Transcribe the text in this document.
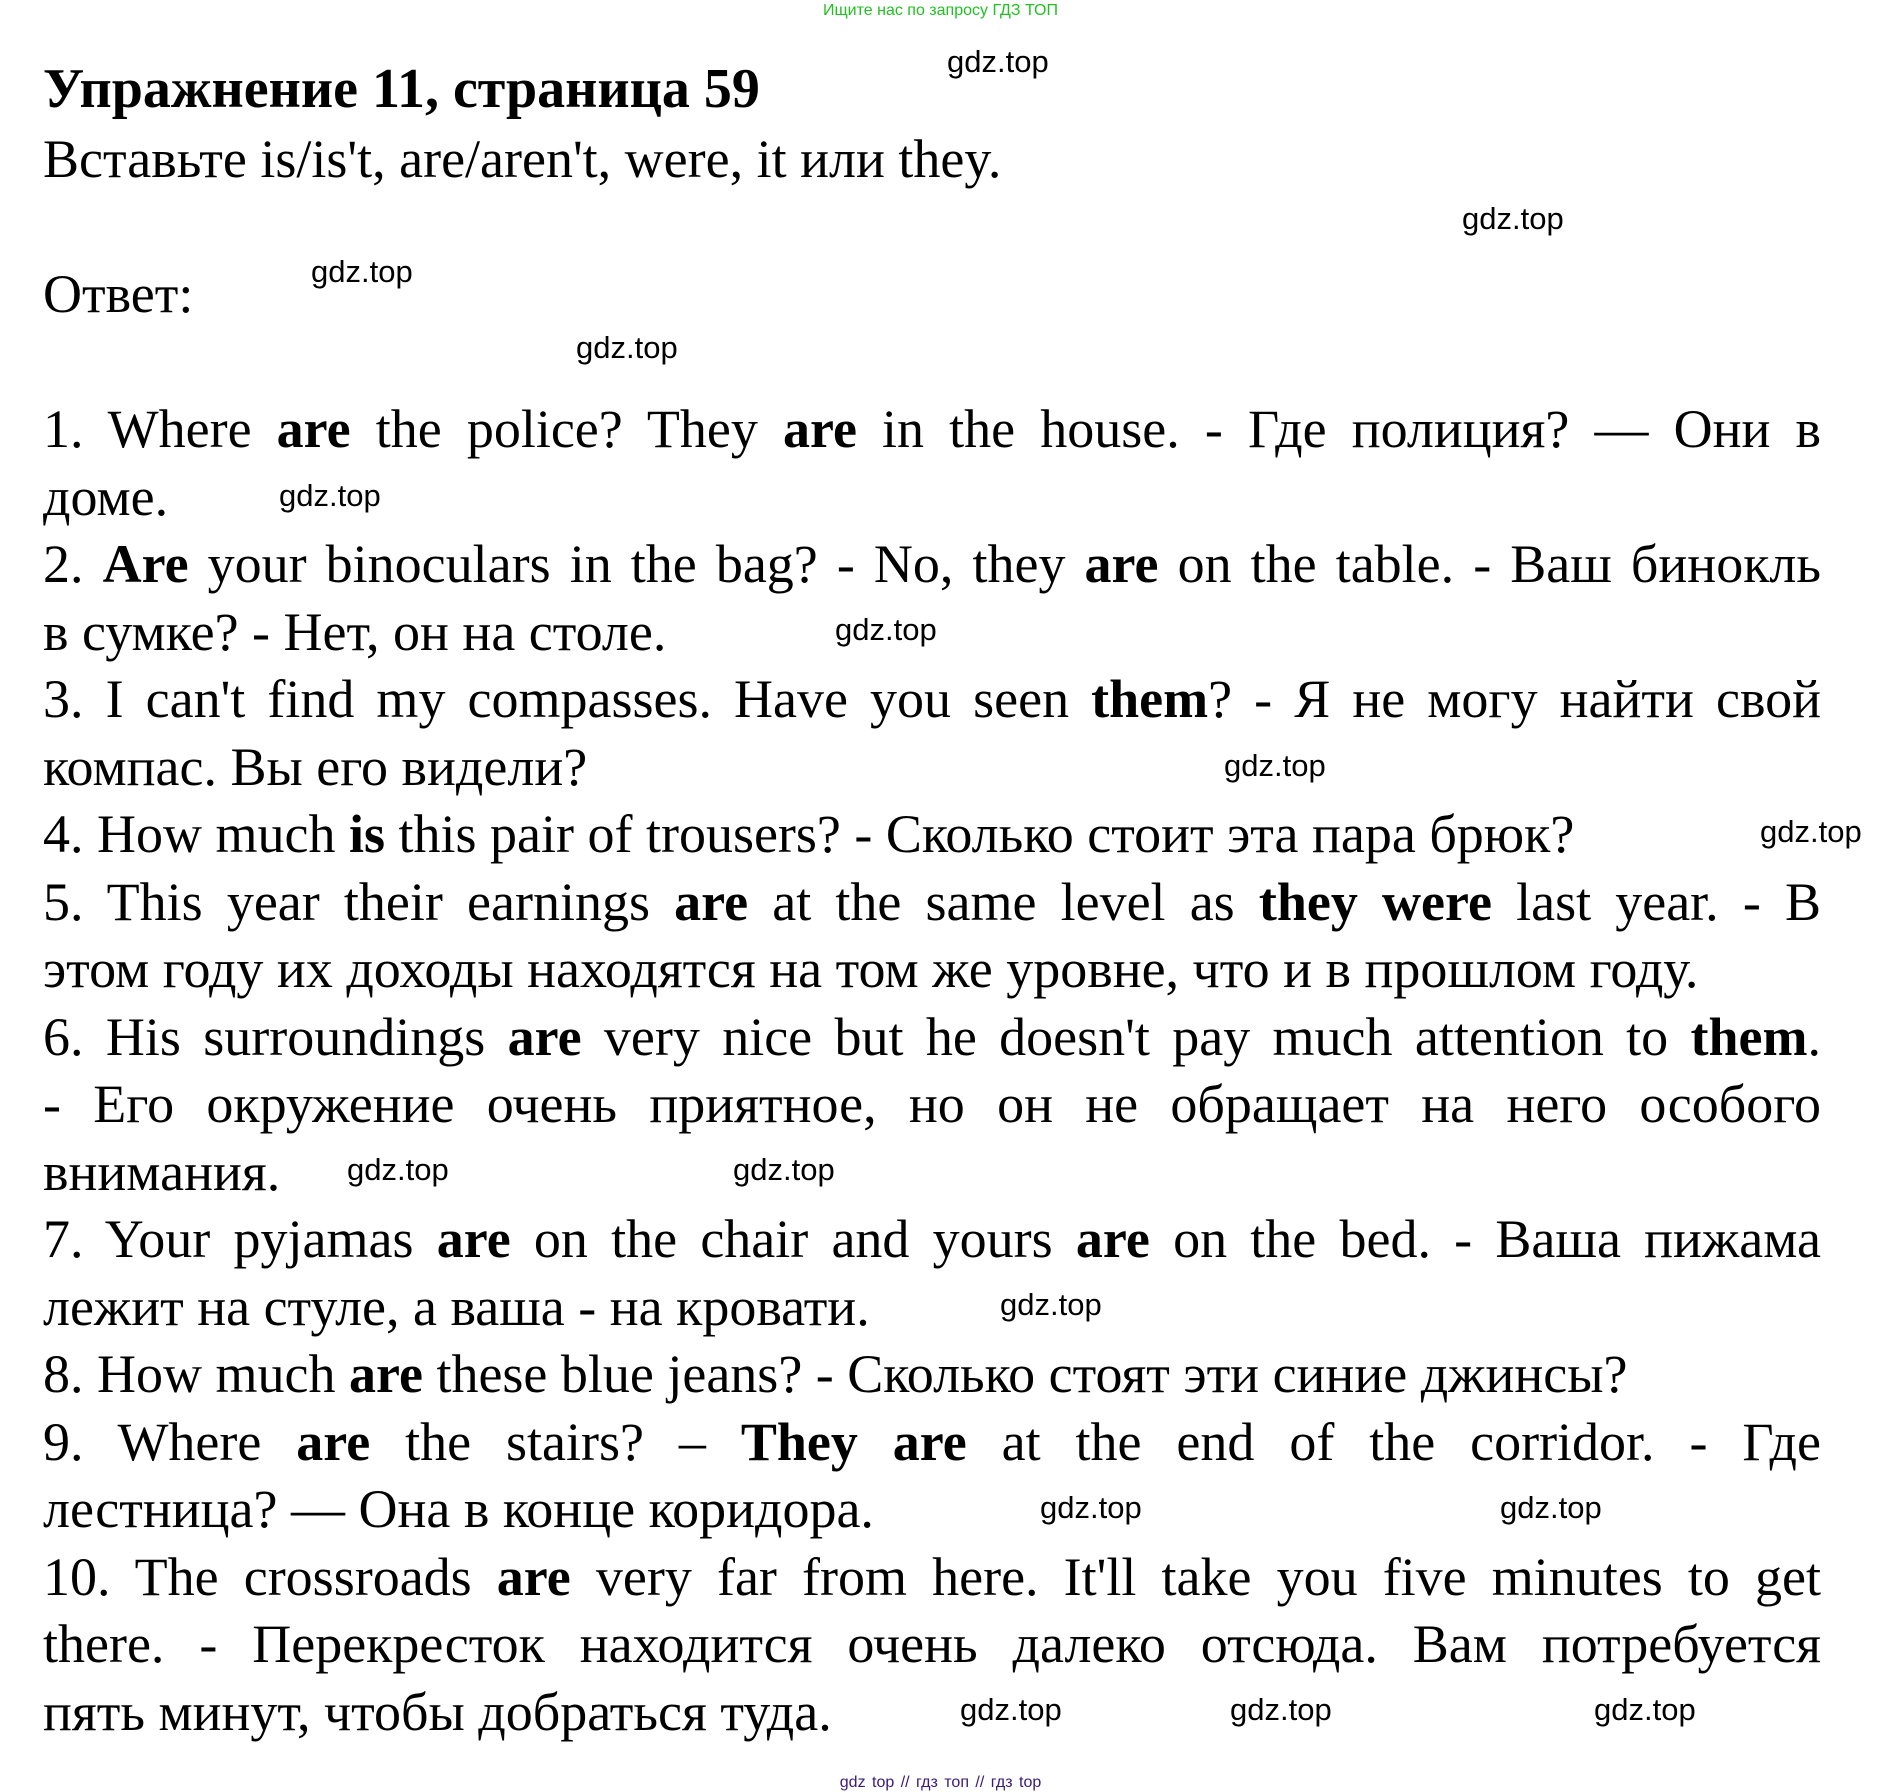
Ищите нас по запросу ГДЗ ТОП
Упражнение 11, страница 59
Вставьте is/is't, are/aren't, were, it или they.
Ответ:
1. Where are the police? They are in the house. - Где полиция? — Они в
доме.
2. Are your binoculars in the bag? - No, they are on the table. - Ваш бинокль
в сумке? - Нет, он на столе.
3. I can't find my compasses. Have you seen them? - Я не могу найти свой
компас. Вы его видели?
4. How much is this pair of trousers? - Сколько стоит эта пара брюк?
5. This year their earnings are at the same level as they were last year. - В
этом году их доходы находятся на том же уровне, что и в прошлом году.
6. His surroundings are very nice but he doesn't pay much attention to them.
- Его окружение очень приятное, но он не обращает на него особого
внимания.
7. Your pyjamas are on the chair and yours are on the bed. - Ваша пижама
лежит на стуле, а ваша - на кровати.
8. How much are these blue jeans? - Сколько стоят эти синие джинсы?
9. Where are the stairs? – They are at the end of the corridor. - Где
лестница? — Она в конце коридора.
10. The crossroads are very far from here. It'll take you five minutes to get
there. - Перекресток находится очень далеко отсюда. Вам потребуется
пять минут, чтобы добраться туда.
gdz.top
gdz.top
gdz.top
gdz.top
gdz.top
gdz.top
gdz.top
gdz.top
gdz.top
gdz.top
gdz.top
gdz.top
gdz.top
gdz.top	gdz.top	gdz.top
gdz top // гдз топ // гдз top
